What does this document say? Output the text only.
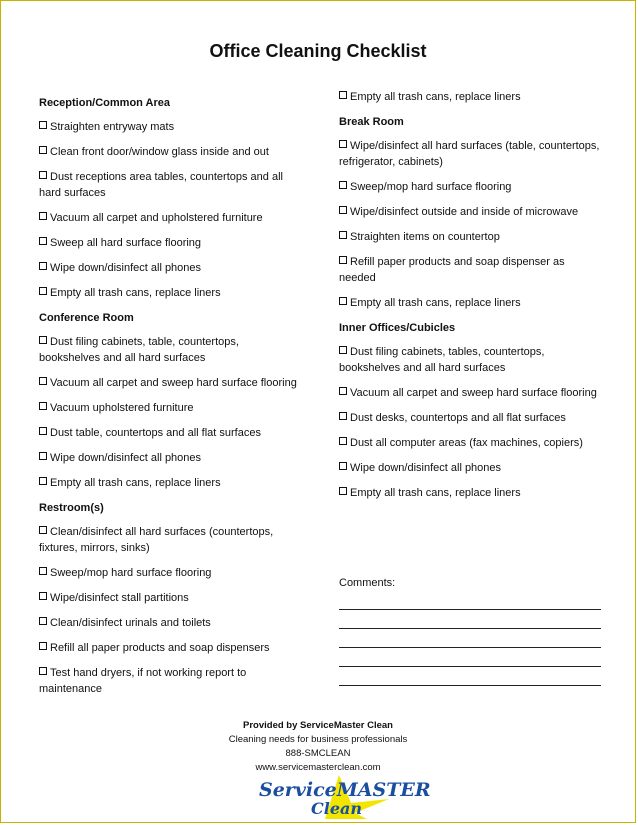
Office Cleaning Checklist
Reception/Common Area
Straighten entryway mats
Clean front door/window glass inside and out
Dust receptions area tables, countertops and all hard surfaces
Vacuum all carpet and upholstered furniture
Sweep all hard surface flooring
Wipe down/disinfect all phones
Empty all trash cans, replace liners
Conference Room
Dust filing cabinets, table, countertops, bookshelves and all hard surfaces
Vacuum all carpet and sweep hard surface flooring
Vacuum upholstered furniture
Dust table, countertops and all flat surfaces
Wipe down/disinfect all phones
Empty all trash cans, replace liners
Restroom(s)
Clean/disinfect all hard surfaces (countertops, fixtures, mirrors, sinks)
Sweep/mop hard surface flooring
Wipe/disinfect stall partitions
Clean/disinfect urinals and toilets
Refill all paper products and soap dispensers
Test hand dryers, if not working report to maintenance
Empty all trash cans, replace liners
Break Room
Wipe/disinfect all hard surfaces (table, countertops, refrigerator, cabinets)
Sweep/mop hard surface flooring
Wipe/disinfect outside and inside of microwave
Straighten items on countertop
Refill paper products and soap dispenser as needed
Empty all trash cans, replace liners
Inner Offices/Cubicles
Dust filing cabinets, tables, countertops, bookshelves and all hard surfaces
Vacuum all carpet and sweep hard surface flooring
Dust desks, countertops and all flat surfaces
Dust all computer areas (fax machines, copiers)
Wipe down/disinfect all phones
Empty all trash cans, replace liners
Comments:
Provided by ServiceMaster Clean
Cleaning needs for business professionals
888-SMCLEAN
www.servicemasterclean.com
ServiceMASTER
Clean
